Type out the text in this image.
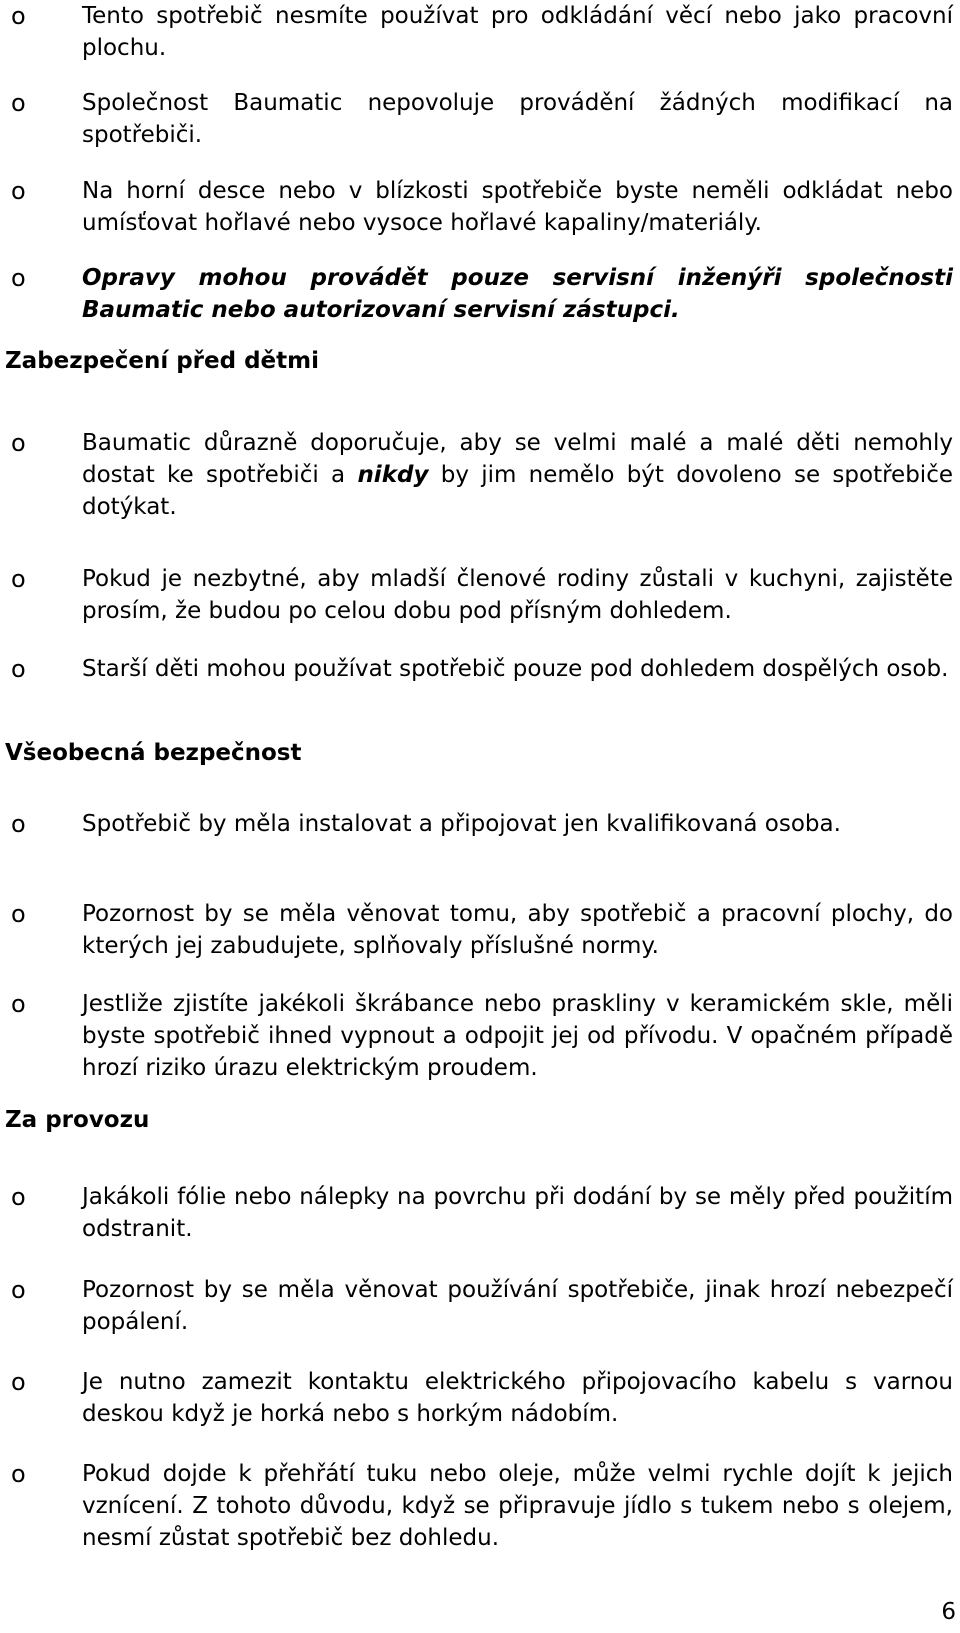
o Tento spotřebič nesmíte používat pro odkládání věcí nebo jako pracovní plochu.
o Společnost Baumatic nepovoluje provádění žádných modifikací na spotřebiči.
o Na horní desce nebo v blízkosti spotřebiče byste neměli odkládat nebo umísťovat hořlavé nebo vysoce hořlavé kapaliny/materiály.
o Opravy mohou provádět pouze servisní inženýři společnosti Baumatic nebo autorizovaní servisní zástupci.
Zabezpečení před dětmi
o Baumatic důrazně doporučuje, aby se velmi malé a malé děti nemohly dostat ke spotřebiči a nikdy by jim nemělo být dovoleno se spotřebiče dotýkat.
o Pokud je nezbytné, aby mladší členové rodiny zůstali v kuchyni, zajistěte prosím, že budou po celou dobu pod přísným dohledem.
o Starší děti mohou používat spotřebič pouze pod dohledem dospělých osob.
Všeobecná bezpečnost
o Spotřebič by měla instalovat a připojovat jen kvalifikovaná osoba.
o Pozornost by se měla věnovat tomu, aby spotřebič a pracovní plochy, do kterých jej zabudujete, splňovaly příslušné normy.
o Jestliže zjistíte jakékoli škrábance nebo praskliny v keramickém skle, měli byste spotřebič ihned vypnout a odpojit jej od přívodu. V opačném případě hrozí riziko úrazu elektrickým proudem.
Za provozu
o Jakákoli fólie nebo nálepky na povrchu při dodání by se měly před použitím odstranit.
o Pozornost by se měla věnovat používání spotřebiče, jinak hrozí nebezpečí popálení.
o Je nutno zamezit kontaktu elektrického připojovacího kabelu s varnou deskou když je horká nebo s horkým nádobím.
o Pokud dojde k přehřátí tuku nebo oleje, může velmi rychle dojít k jejich vznícení. Z tohoto důvodu, když se připravuje jídlo s tukem nebo s olejem, nesmí zůstat spotřebič bez dohledu.
6
